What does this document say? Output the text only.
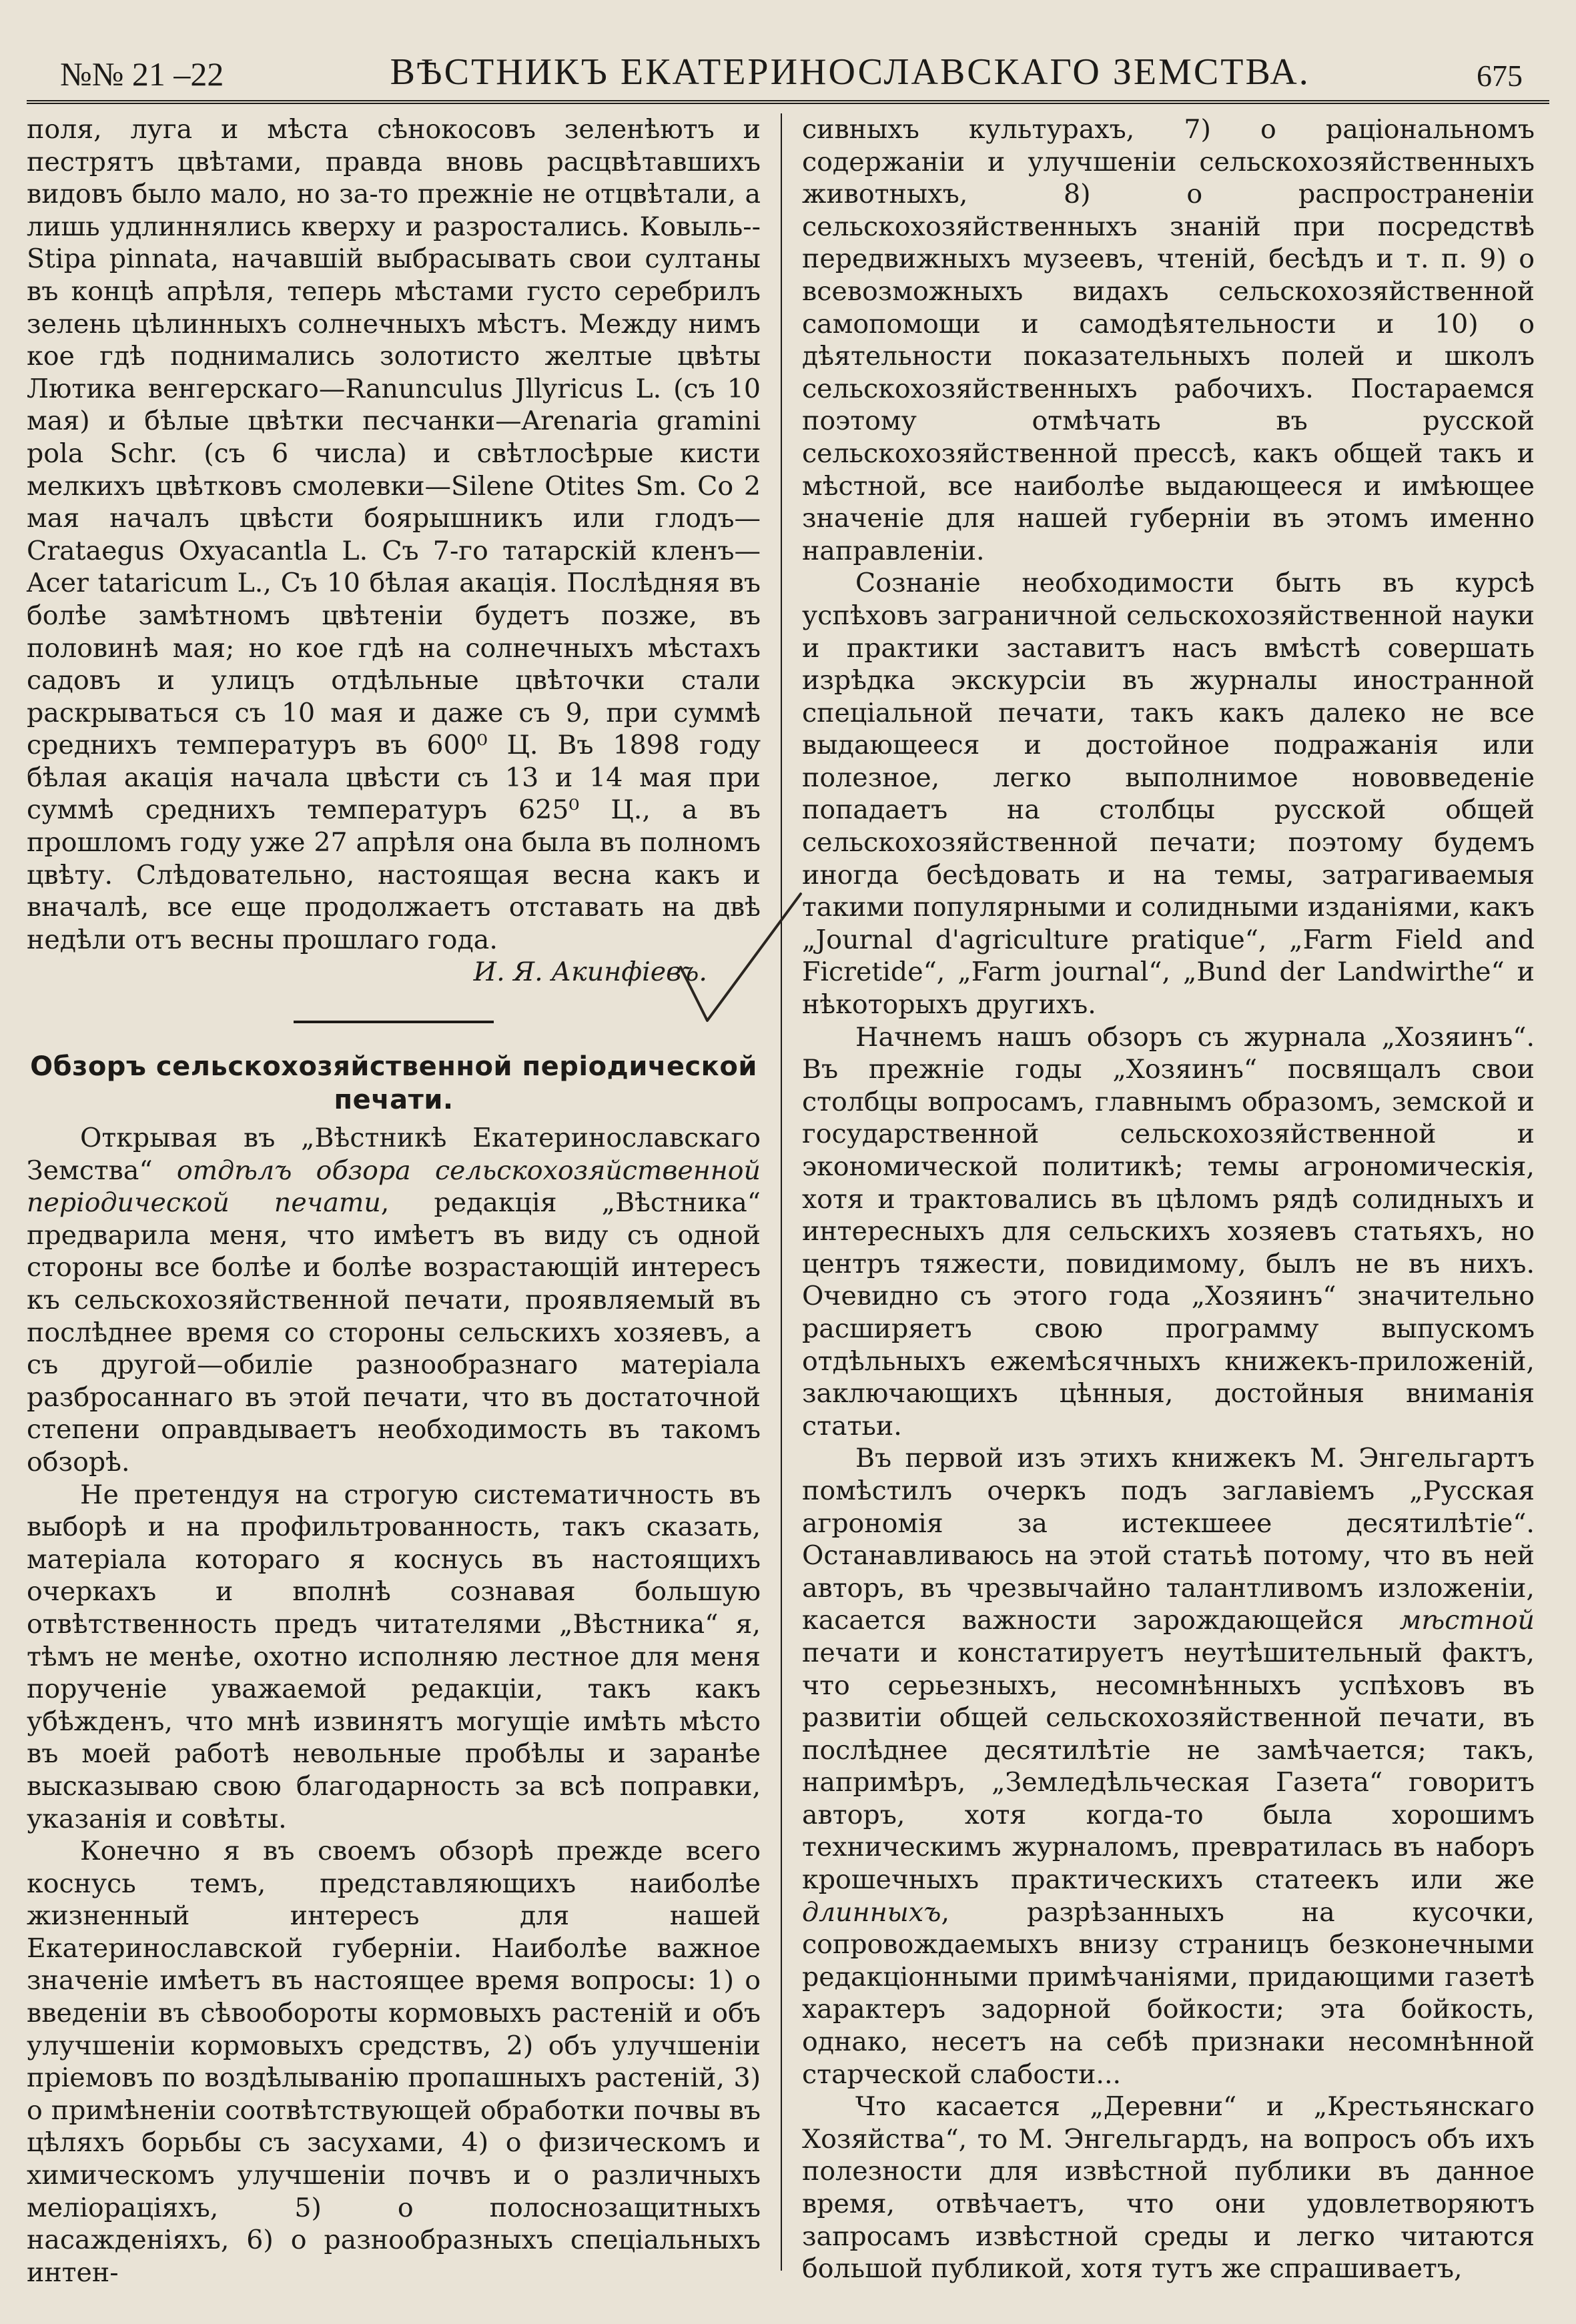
№№ 21 –22	ВѢСТНИКЪ ЕКАТЕРИНОСЛАВСКАГО ЗЕМСТВА.	675

поля, луга и мѣста сѣнокосовъ зеленѣютъ и пестрятъ цвѣтами, правда вновь расцвѣтавшихъ видовъ было мало, но за-то прежніе не отцвѣтали, а лишь удлиннялись кверху и разростались. Ковыль--Stipa pinnata, начавшій выбрасывать свои султаны въ концѣ апрѣля, теперь мѣстами густо серебрилъ зелень цѣлинныхъ солнечныхъ мѣстъ. Между нимъ кое гдѣ поднимались золотисто желтые цвѣты Лютика венгерскаго—Ranunculus Jllyricus L. (съ 10 мая) и бѣлые цвѣтки песчанки—Arenaria gramini pola Schr. (съ 6 числа) и свѣтлосѣрые кисти мелкихъ цвѣтковъ смолевки—Silene Otites Sm. Со 2 мая началъ цвѣсти боярышникъ или глодъ—Crataegus Oxyacantla L. Съ 7-го татарскій кленъ—Acer tataricum L., Съ 10 бѣлая акація. Послѣдняя въ болѣе замѣтномъ цвѣтеніи будетъ позже, въ половинѣ мая; но кое гдѣ на солнечныхъ мѣстахъ садовъ и улицъ отдѣльные цвѣточки стали раскрываться съ 10 мая и даже съ 9, при суммѣ среднихъ температуръ въ 600⁰ Ц. Въ 1898 году бѣлая акація начала цвѣсти съ 13 и 14 мая при суммѣ среднихъ температуръ 625⁰ Ц., а въ прошломъ году уже 27 апрѣля она была въ полномъ цвѣту. Слѣдовательно, настоящая весна какъ и вначалѣ, все еще продолжаетъ отставать на двѣ недѣли отъ весны прошлаго года.

И. Я. Акинфіевъ.

Обзоръ сельскохозяйственной періодической печати.

Открывая въ „Вѣстникѣ Екатеринославскаго Земства“ отдѣлъ обзора сельскохозяйственной періодической печати, редакція „Вѣстника“ предварила меня, что имѣетъ въ виду съ одной стороны все болѣе и болѣе возрастающій интересъ къ сельскохозяйственной печати, проявляемый въ послѣднее время со стороны сельскихъ хозяевъ, а съ другой—обиліе разнообразнаго матеріала разбросаннаго въ этой печати, что въ достаточной степени оправдываетъ необходимость въ такомъ обзорѣ.

Не претендуя на строгую систематичность въ выборѣ и на профильтрованность, такъ сказать, матеріала котораго я коснусь въ настоящихъ очеркахъ и вполнѣ сознавая большую отвѣтственность предъ читателями „Вѣстника“ я, тѣмъ не менѣе, охотно исполняю лестное для меня порученіе уважаемой редакціи, такъ какъ убѣжденъ, что мнѣ извинятъ могущіе имѣть мѣсто въ моей работѣ невольные пробѣлы и заранѣе высказываю свою благодарность за всѣ поправки, указанія и совѣты.

Конечно я въ своемъ обзорѣ прежде всего коснусь темъ, представляющихъ наиболѣе жизненный интересъ для нашей Екатеринославской губерніи. Наиболѣе важное значеніе имѣетъ въ настоящее время вопросы: 1) о введеніи въ сѣвообороты кормовыхъ растеній и объ улучшеніи кормовыхъ средствъ, 2) объ улучшеніи пріемовъ по воздѣлыванію пропашныхъ растеній, 3) о примѣненіи соотвѣтствующей обработки почвы въ цѣляхъ борьбы съ засухами, 4) о физическомъ и химическомъ улучшеніи почвъ и о различныхъ меліораціяхъ, 5) о полоснозащитныхъ насажденіяхъ, 6) о разнообразныхъ спеціальныхъ интен-

сивныхъ культурахъ, 7) о раціональномъ содержаніи и улучшеніи сельскохозяйственныхъ животныхъ, 8) о распространеніи сельскохозяйственныхъ знаній при посредствѣ передвижныхъ музеевъ, чтеній, бесѣдъ и т. п. 9) о всевозможныхъ видахъ сельскохозяйственной самопомощи и самодѣятельности и 10) о дѣятельности показательныхъ полей и школъ сельскохозяйственныхъ рабочихъ. Постараемся поэтому отмѣчать въ русской сельскохозяйственной прессѣ, какъ общей такъ и мѣстной, все наиболѣе выдающееся и имѣющее значеніе для нашей губерніи въ этомъ именно направленіи.

Сознаніе необходимости быть въ курсѣ успѣховъ заграничной сельскохозяйственной науки и практики заставитъ насъ вмѣстѣ совершать изрѣдка экскурсіи въ журналы иностранной спеціальной печати, такъ какъ далеко не все выдающееся и достойное подражанія или полезное, легко выполнимое нововведеніе попадаетъ на столбцы русской общей сельскохозяйственной печати; поэтому будемъ иногда бесѣдовать и на темы, затрагиваемыя такими популярными и солидными изданіями, какъ „Journal d'agriculture pratique“, „Farm Field and Ficretide“, „Farm journal“, „Bund der Landwirthe“ и нѣкоторыхъ другихъ.

Начнемъ нашъ обзоръ съ журнала „Хозяинъ“. Въ прежніе годы „Хозяинъ“ посвящалъ свои столбцы вопросамъ, главнымъ образомъ, земской и государственной сельскохозяйственной и экономической политикѣ; темы агрономическія, хотя и трактовались въ цѣломъ рядѣ солидныхъ и интересныхъ для сельскихъ хозяевъ статьяхъ, но центръ тяжести, повидимому, былъ не въ нихъ. Очевидно съ этого года „Хозяинъ“ значительно расширяетъ свою программу выпускомъ отдѣльныхъ ежемѣсячныхъ книжекъ-приложеній, заключающихъ цѣнныя, достойныя вниманія статьи.

Въ первой изъ этихъ книжекъ М. Энгельгартъ помѣстилъ очеркъ подъ заглавіемъ „Русская агрономія за истекшеее десятилѣтіе“. Останавливаюсь на этой статьѣ потому, что въ ней авторъ, въ чрезвычайно талантливомъ изложеніи, касается важности зарождающейся мѣстной печати и констатируетъ неутѣшительный фактъ, что серьезныхъ, несомнѣнныхъ успѣховъ въ развитіи общей сельскохозяйственной печати, въ послѣднее десятилѣтіе не замѣчается; такъ, напримѣръ, „Земледѣльческая Газета“ говоритъ авторъ, хотя когда-то была хорошимъ техническимъ журналомъ, превратилась въ наборъ крошечныхъ практическихъ статеекъ или же длинныхъ, разрѣзанныхъ на кусочки, сопровождаемыхъ внизу страницъ безконечными редакціонными примѣчаніями, придающими газетѣ характеръ задорной бойкости; эта бойкость, однако, несетъ на себѣ признаки несомнѣнной старческой слабости...

Что касается „Деревни“ и „Крестьянскаго Хозяйства“, то М. Энгельгардъ, на вопросъ объ ихъ полезности для извѣстной публики въ данное время, отвѣчаетъ, что они удовлетворяютъ запросамъ извѣстной среды и легко читаются большой публикой, хотя тутъ же спрашиваетъ,
